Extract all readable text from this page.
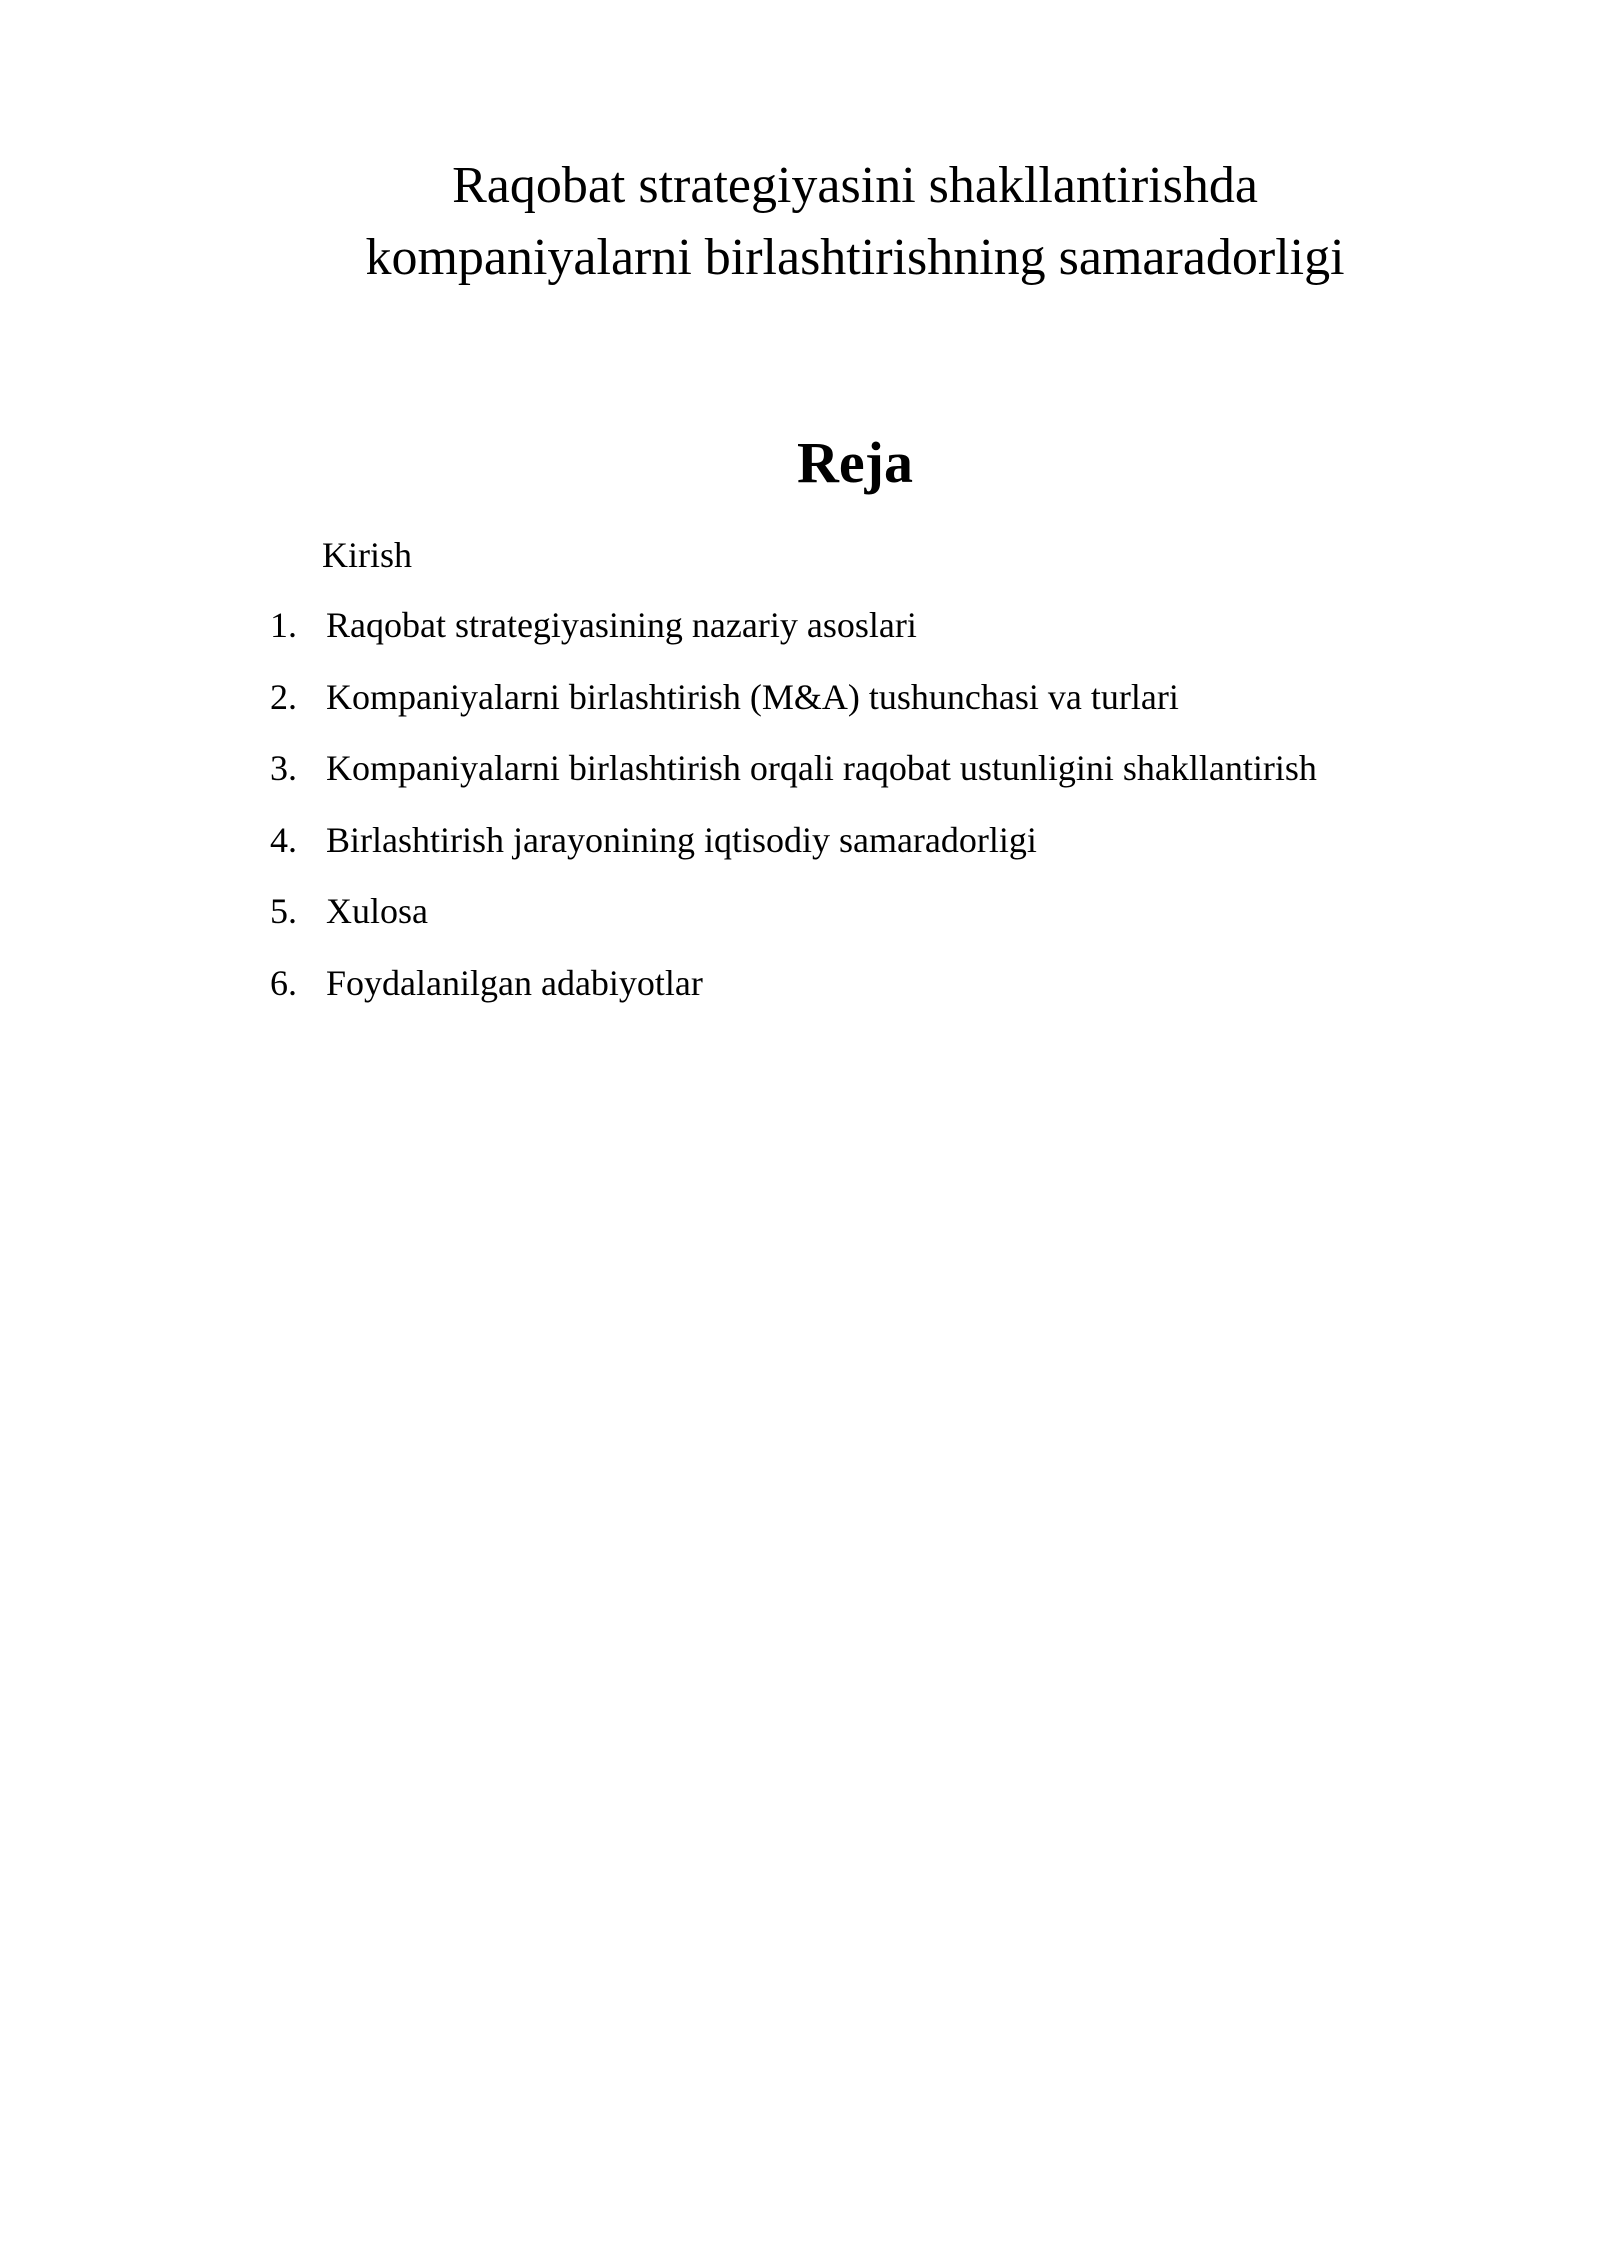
Raqobat strategiyasini shakllantirishda
kompaniyalarni birlashtirishning samaradorligi
Reja

Kirish

1. Raqobat strategiyasining nazariy asoslari
2. Kompaniyalarni birlashtirish (M&A) tushunchasi va turlari
3. Kompaniyalarni birlashtirish orqali raqobat ustunligini shakllantirish
4. Birlashtirish jarayonining iqtisodiy samaradorligi
5. Xulosa
6. Foydalanilgan adabiyotlar
